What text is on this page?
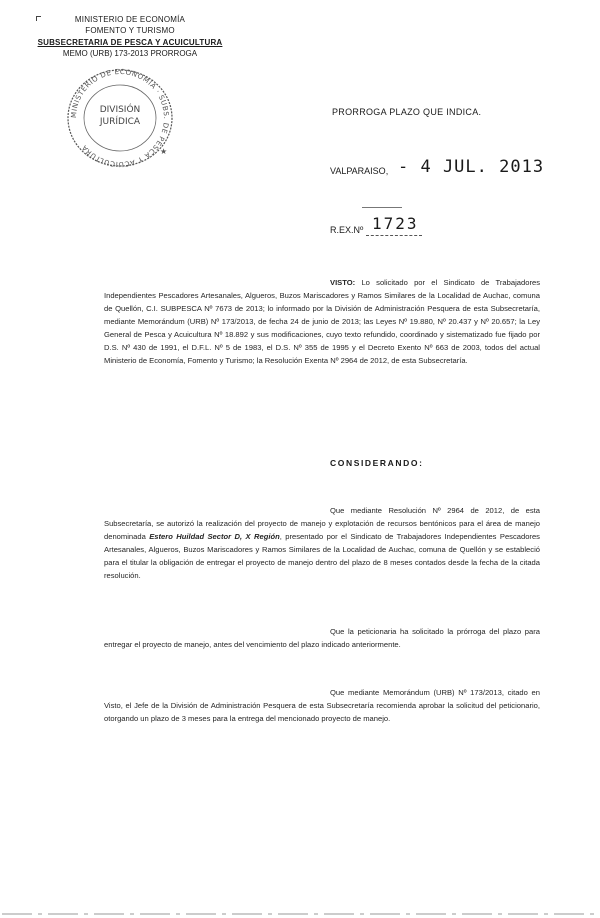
MINISTERIO DE ECONOMÍA
FOMENTO Y TURISMO
SUBSECRETARIA DE PESCA Y ACUICULTURA
MEMO (URB) 173-2013 PRORROGA
MINISTERIO DE ECONOMÍA · SUBS. DE PESCA Y ACUICULTURA
DIVISIÓN
JURÍDICA
★
PRORROGA PLAZO QUE INDICA.
VALPARAISO, - 4 JUL. 2013
R.EX.Nº 1723
VISTO: Lo solicitado por el Sindicato de Trabajadores Independientes Pescadores Artesanales, Algueros, Buzos Mariscadores y Ramos Similares de la Localidad de Auchac, comuna de Quellón, C.I. SUBPESCA Nº 7673 de 2013; lo informado por la División de Administración Pesquera de esta Subsecretaría, mediante Memorándum (URB) Nº 173/2013, de fecha 24 de junio de 2013; las Leyes Nº 19.880, Nº 20.437 y Nº 20.657; la Ley General de Pesca y Acuicultura Nº 18.892 y sus modificaciones, cuyo texto refundido, coordinado y sistematizado fue fijado por D.S. Nº 430 de 1991, el D.F.L. Nº 5 de 1983, el D.S. Nº 355 de 1995 y el Decreto Exento Nº 663 de 2003, todos del actual Ministerio de Economía, Fomento y Turismo; la Resolución Exenta Nº 2964 de 2012, de esta Subsecretaría.
CONSIDERANDO:
Que mediante Resolución Nº 2964 de 2012, de esta Subsecretaría, se autorizó la realización del proyecto de manejo y explotación de recursos bentónicos para el área de manejo denominada Estero Huildad Sector D, X Región, presentado por el Sindicato de Trabajadores Independientes Pescadores Artesanales, Algueros, Buzos Mariscadores y Ramos Similares de la Localidad de Auchac, comuna de Quellón y se estableció para el titular la obligación de entregar el proyecto de manejo dentro del plazo de 8 meses contados desde la fecha de la citada resolución.
Que la peticionaria ha solicitado la prórroga del plazo para entregar el proyecto de manejo, antes del vencimiento del plazo indicado anteriormente.
Que mediante Memorándum (URB) Nº 173/2013, citado en Visto, el Jefe de la División de Administración Pesquera de esta Subsecretaría recomienda aprobar la solicitud del peticionario, otorgando un plazo de 3 meses para la entrega del mencionado proyecto de manejo.
